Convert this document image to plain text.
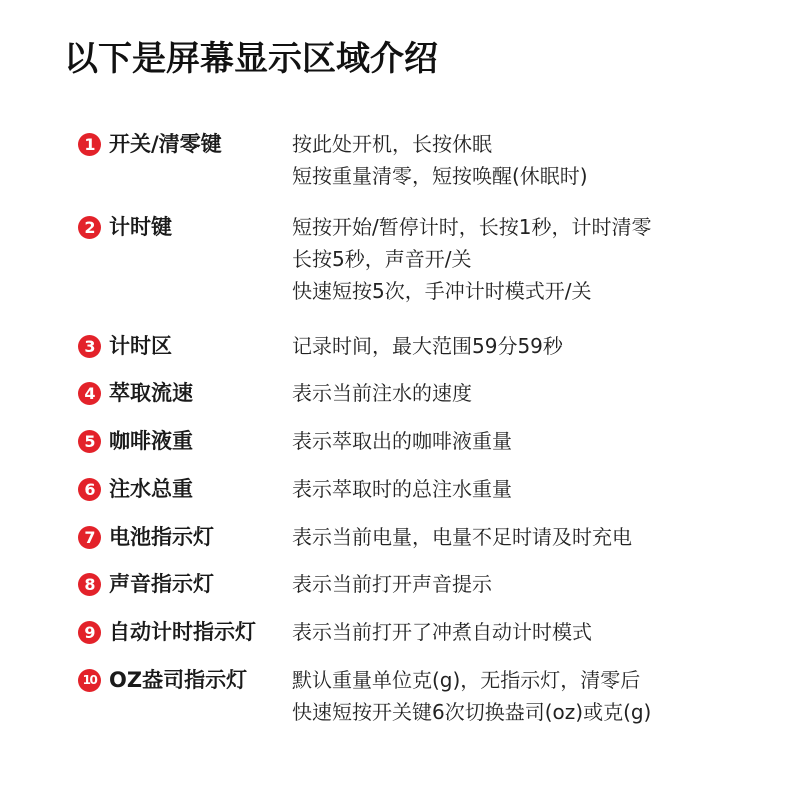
以下是屏幕显示区域介绍
1 开关/清零键	按此处开机，长按休眠
短按重量清零，短按唤醒(休眠时)
2 计时键	短按开始/暂停计时，长按1秒，计时清零
长按5秒，声音开/关
快速短按5次，手冲计时模式开/关
3 计时区	记录时间，最大范围59分59秒
4 萃取流速	表示当前注水的速度
5 咖啡液重	表示萃取出的咖啡液重量
6 注水总重	表示萃取时的总注水重量
7 电池指示灯	表示当前电量，电量不足时请及时充电
8 声音指示灯	表示当前打开声音提示
9 自动计时指示灯 表示当前打开了冲煮自动计时模式
10 OZ盎司指示灯 默认重量单位克(g)，无指示灯，清零后
快速短按开关键6次切换盎司(oz)或克(g)
